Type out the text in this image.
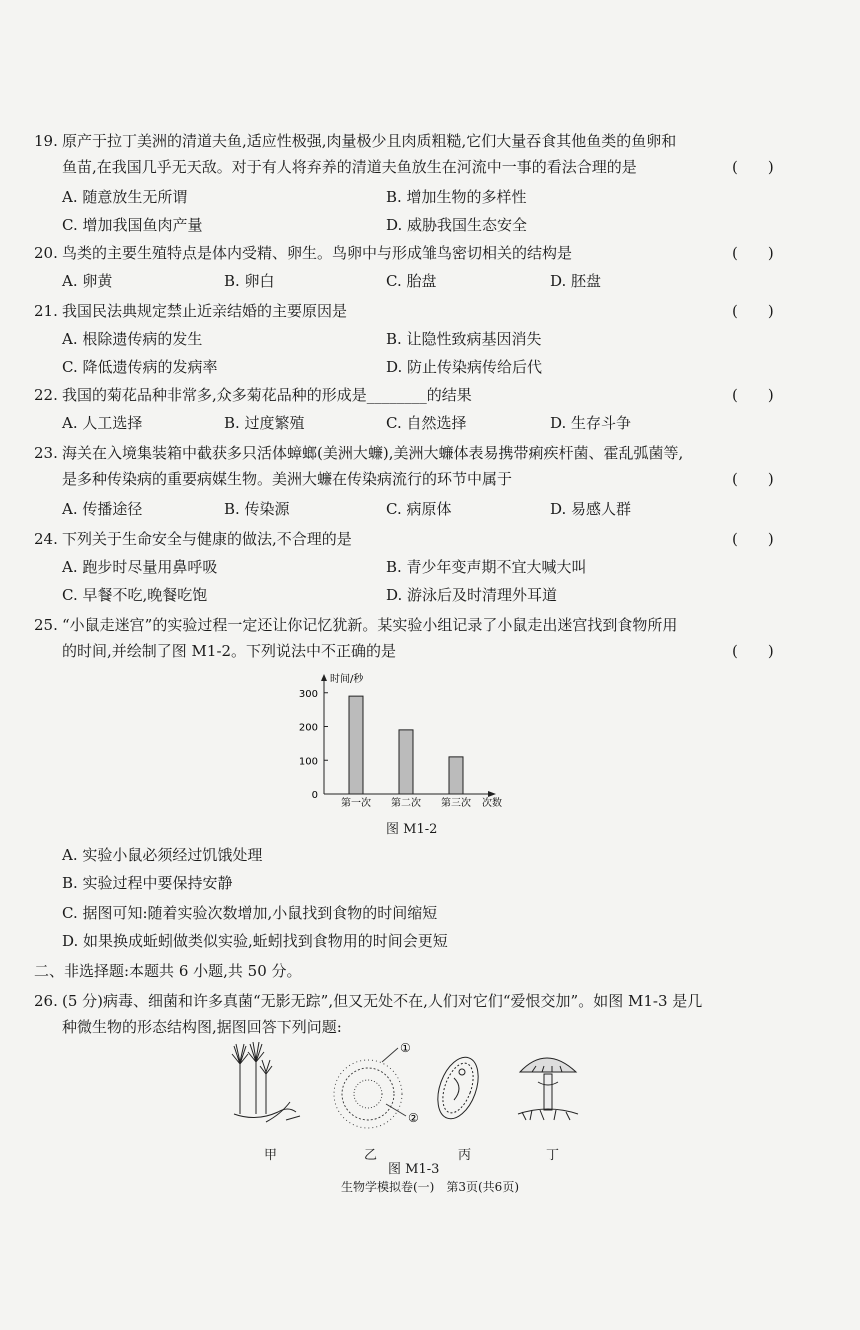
19. 原产于拉丁美洲的清道夫鱼,适应性极强,肉量极少且肉质粗糙,它们大量吞食其他鱼类的鱼卵和
鱼苗,在我国几乎无天敌。对于有人将弃养的清道夫鱼放生在河流中一事的看法合理的是	(　　)
A. 随意放生无所谓	B. 增加生物的多样性
C. 增加我国鱼肉产量	D. 威胁我国生态安全
20. 鸟类的主要生殖特点是体内受精、卵生。鸟卵中与形成雏鸟密切相关的结构是	(　　)
A. 卵黄	B. 卵白	C. 胎盘	D. 胚盘
21. 我国民法典规定禁止近亲结婚的主要原因是	(　　)
A. 根除遗传病的发生	B. 让隐性致病基因消失
C. 降低遗传病的发病率	D. 防止传染病传给后代
22. 我国的菊花品种非常多,众多菊花品种的形成是________的结果	(　　)
A. 人工选择	B. 过度繁殖	C. 自然选择	D. 生存斗争
23. 海关在入境集装箱中截获多只活体蟑螂(美洲大蠊),美洲大蠊体表易携带痢疾杆菌、霍乱弧菌等,
是多种传染病的重要病媒生物。美洲大蠊在传染病流行的环节中属于	(　　)
A. 传播途径	B. 传染源	C. 病原体	D. 易感人群
24. 下列关于生命安全与健康的做法,不合理的是	(　　)
A. 跑步时尽量用鼻呼吸	B. 青少年变声期不宜大喊大叫
C. 早餐不吃,晚餐吃饱	D. 游泳后及时清理外耳道
25. “小鼠走迷宫”的实验过程一定还让你记忆犹新。某实验小组记录了小鼠走出迷宫找到食物所用
的时间,并绘制了图 M1-2。下列说法中不正确的是	(　　)
时间/秒
0
100
200
300
第一次 第二次 第三次 次数
图 M1-2
A. 实验小鼠必须经过饥饿处理
B. 实验过程中要保持安静
C. 据图可知:随着实验次数增加,小鼠找到食物的时间缩短
D. 如果换成蚯蚓做类似实验,蚯蚓找到食物用的时间会更短
二、非选择题:本题共 6 小题,共 50 分。
26. (5 分)病毒、细菌和许多真菌“无影无踪”,但又无处不在,人们对它们“爱恨交加”。如图 M1-3 是几
种微生物的形态结构图,据图回答下列问题:
①
②
甲	乙	丙	丁
图 M1-3
生物学模拟卷(一)　第3页(共6页)
